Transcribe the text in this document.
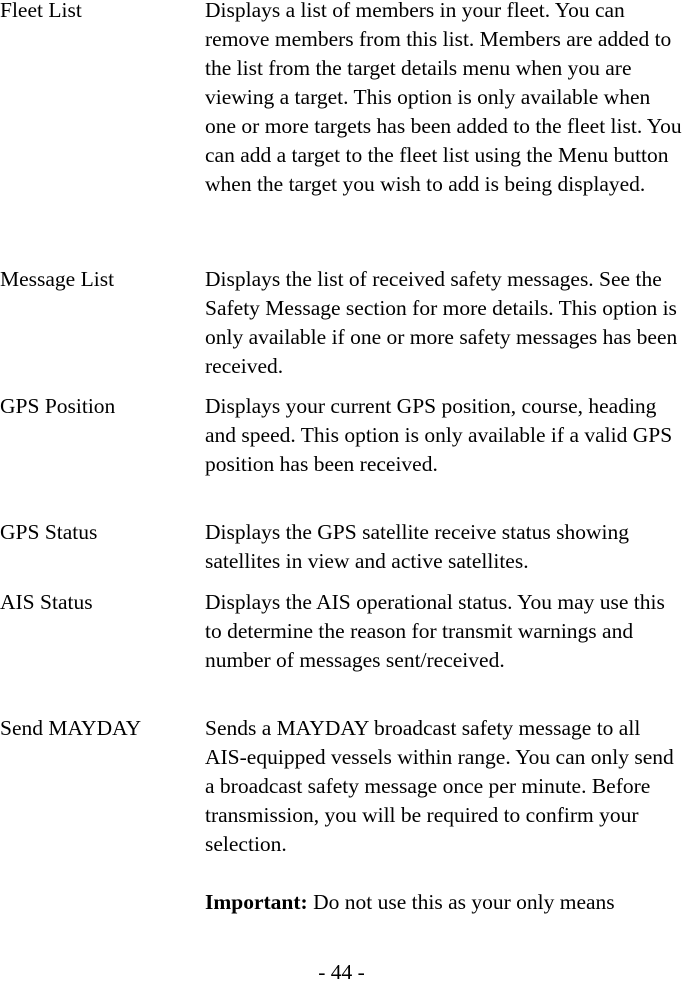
Fleet List	Displays a list of members in your fleet. You can remove members from this list. Members are added to the list from the target details menu when you are viewing a target. This option is only available when one or more targets has been added to the fleet list. You can add a target to the fleet list using the Menu button when the target you wish to add is being displayed.
Message List	Displays the list of received safety messages. See the Safety Message section for more details. This option is only available if one or more safety messages has been received.
GPS Position	Displays your current GPS position, course, heading and speed. This option is only available if a valid GPS position has been received.
GPS Status	Displays the GPS satellite receive status showing satellites in view and active satellites.
AIS Status	Displays the AIS operational status. You may use this to determine the reason for transmit warnings and number of messages sent/received.
Send MAYDAY	Sends a MAYDAY broadcast safety message to all AIS-equipped vessels within range. You can only send a broadcast safety message once per minute. Before transmission, you will be required to confirm your selection.
Important: Do not use this as your only means
- 44 -
